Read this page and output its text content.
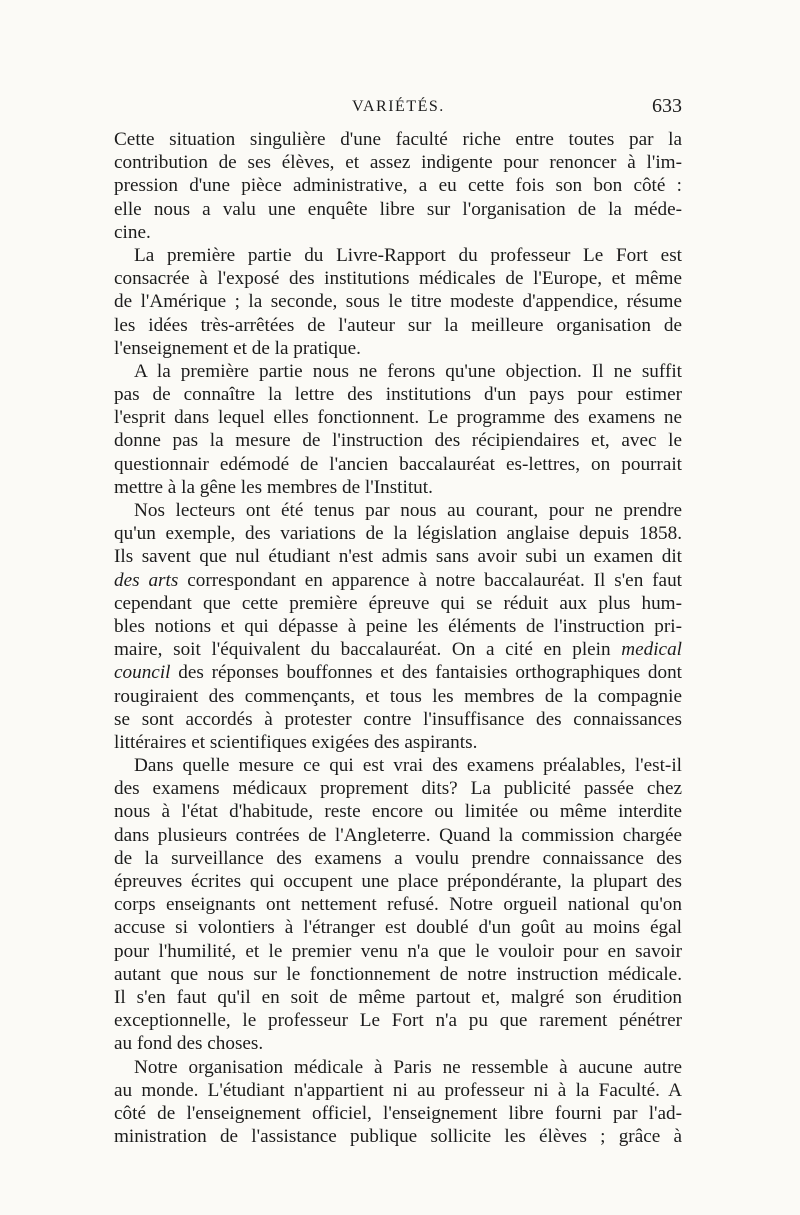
VARIÉTÉS.	633
Cette situation singulière d'une faculté riche entre toutes par la
contribution de ses élèves, et assez indigente pour renoncer à l'im-
pression d'une pièce administrative, a eu cette fois son bon côté :
elle nous a valu une enquête libre sur l'organisation de la méde-
cine.
La première partie du Livre-Rapport du professeur Le Fort est
consacrée à l'exposé des institutions médicales de l'Europe, et même
de l'Amérique ; la seconde, sous le titre modeste d'appendice, résume
les idées très-arrêtées de l'auteur sur la meilleure organisation de
l'enseignement et de la pratique.
A la première partie nous ne ferons qu'une objection. Il ne suffit
pas de connaître la lettre des institutions d'un pays pour estimer
l'esprit dans lequel elles fonctionnent. Le programme des examens ne
donne pas la mesure de l'instruction des récipiendaires et, avec le
questionnair edémodé de l'ancien baccalauréat es-lettres, on pourrait
mettre à la gêne les membres de l'Institut.
Nos lecteurs ont été tenus par nous au courant, pour ne prendre
qu'un exemple, des variations de la législation anglaise depuis 1858.
Ils savent que nul étudiant n'est admis sans avoir subi un examen dit
des arts correspondant en apparence à notre baccalauréat. Il s'en faut
cependant que cette première épreuve qui se réduit aux plus hum-
bles notions et qui dépasse à peine les éléments de l'instruction pri-
maire, soit l'équivalent du baccalauréat. On a cité en plein medical
council des réponses bouffonnes et des fantaisies orthographiques dont
rougiraient des commençants, et tous les membres de la compagnie
se sont accordés à protester contre l'insuffisance des connaissances
littéraires et scientifiques exigées des aspirants.
Dans quelle mesure ce qui est vrai des examens préalables, l'est-il
des examens médicaux proprement dits? La publicité passée chez
nous à l'état d'habitude, reste encore ou limitée ou même interdite
dans plusieurs contrées de l'Angleterre. Quand la commission chargée
de la surveillance des examens a voulu prendre connaissance des
épreuves écrites qui occupent une place prépondérante, la plupart des
corps enseignants ont nettement refusé. Notre orgueil national qu'on
accuse si volontiers à l'étranger est doublé d'un goût au moins égal
pour l'humilité, et le premier venu n'a que le vouloir pour en savoir
autant que nous sur le fonctionnement de notre instruction médicale.
Il s'en faut qu'il en soit de même partout et, malgré son érudition
exceptionnelle, le professeur Le Fort n'a pu que rarement pénétrer
au fond des choses.
Notre organisation médicale à Paris ne ressemble à aucune autre
au monde. L'étudiant n'appartient ni au professeur ni à la Faculté. A
côté de l'enseignement officiel, l'enseignement libre fourni par l'ad-
ministration de l'assistance publique sollicite les élèves ; grâce à
